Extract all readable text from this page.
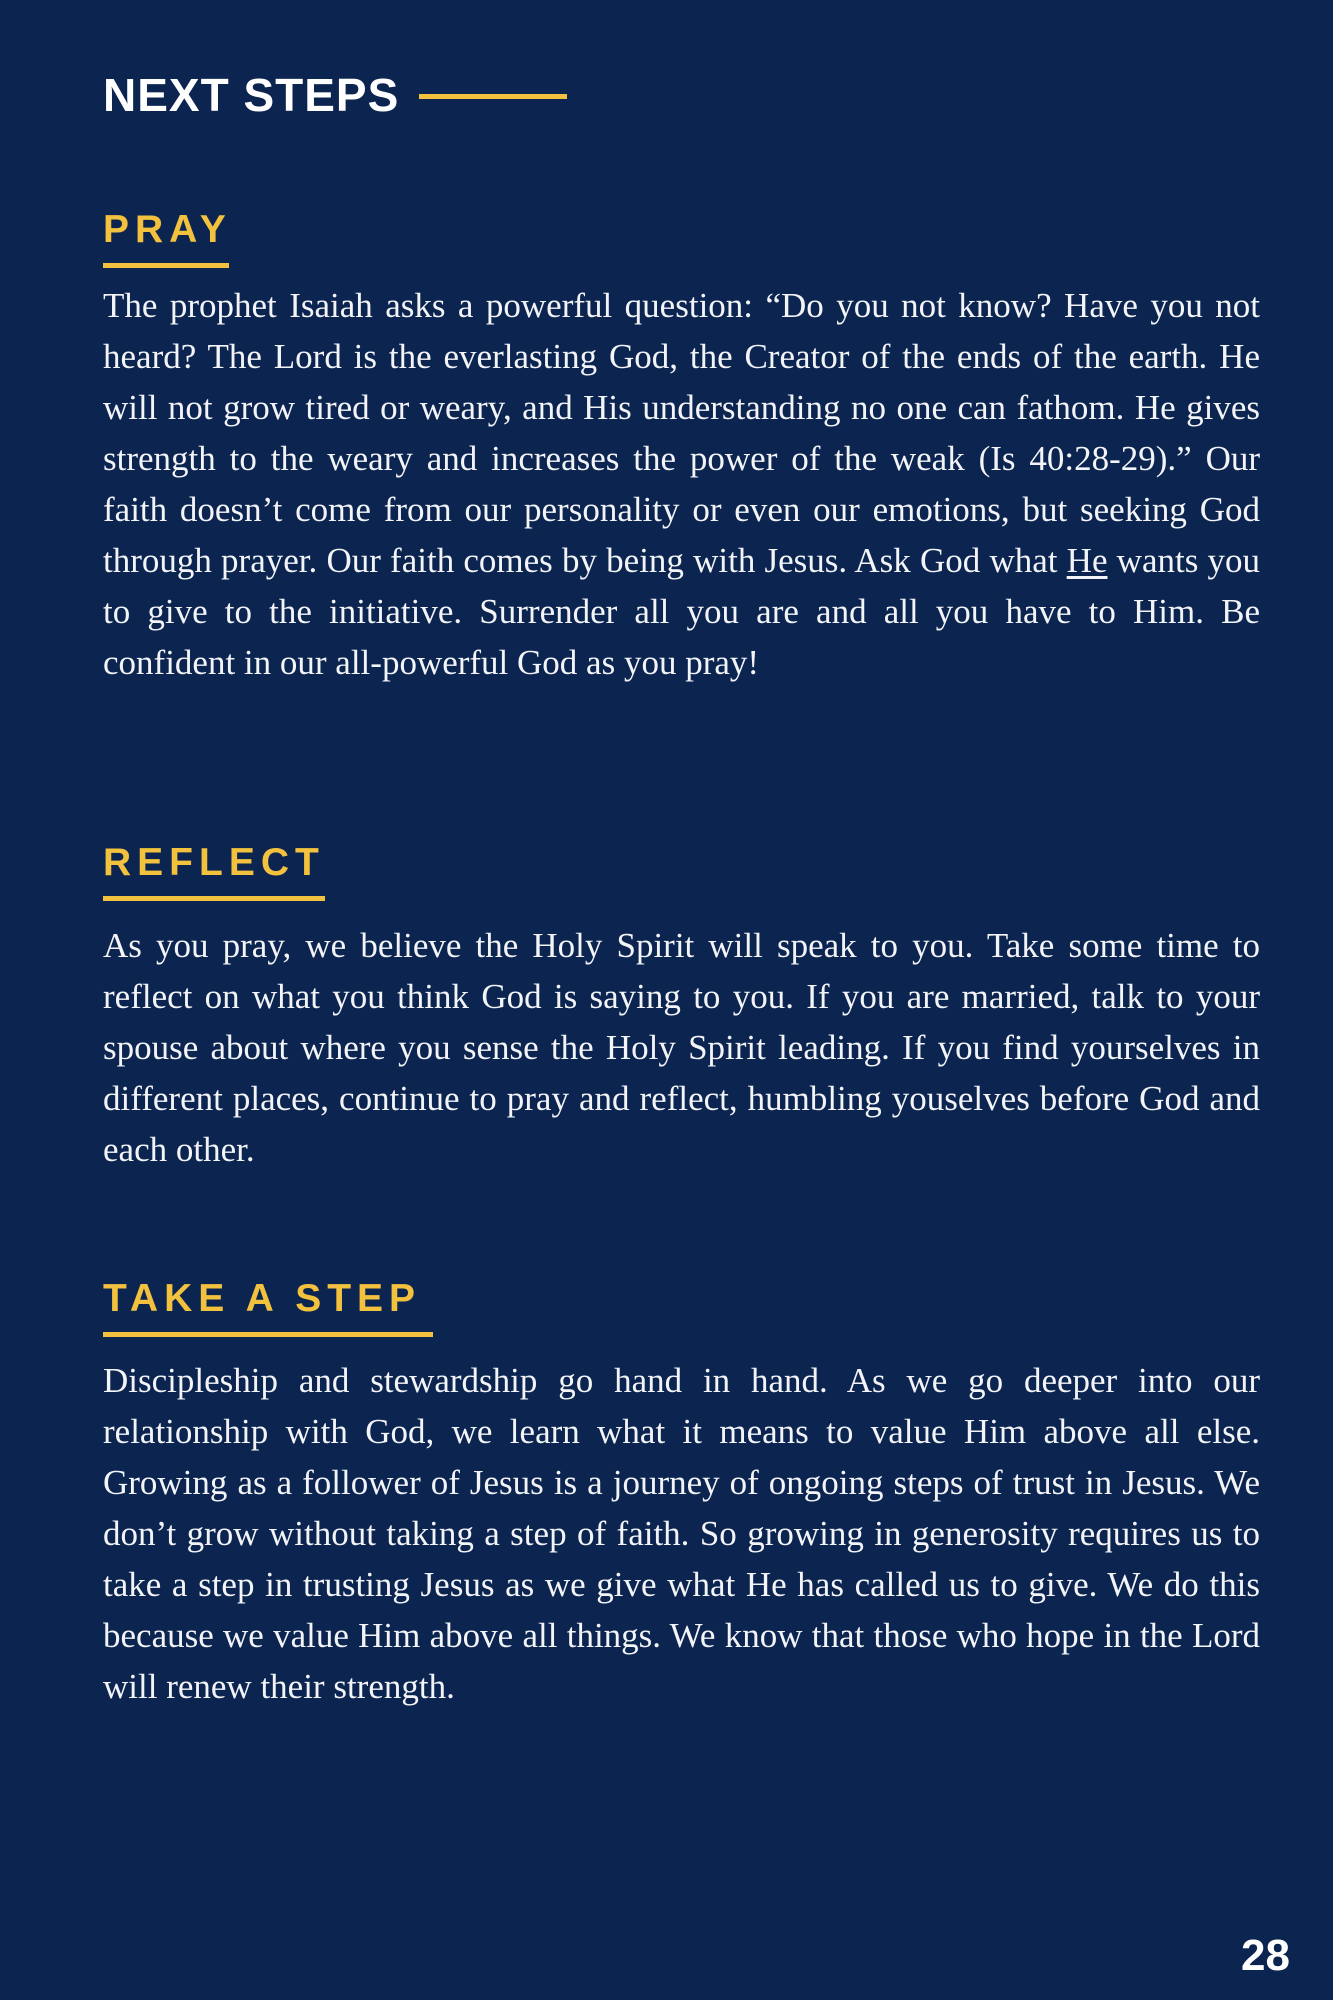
NEXT STEPS
PRAY

The prophet Isaiah asks a powerful question: “Do you not know? Have you not heard? The Lord is the everlasting God, the Creator of the ends of the earth. He will not grow tired or weary, and His understanding no one can fathom. He gives strength to the weary and increases the power of the weak (Is 40:28-29).” Our faith doesn’t come from our personality or even our emotions, but seeking God through prayer. Our faith comes by being with Jesus. Ask God what He wants you to give to the initiative. Surrender all you are and all you have to Him. Be confident in our all-powerful God as you pray!

REFLECT

As you pray, we believe the Holy Spirit will speak to you. Take some time to reflect on what you think God is saying to you. If you are married, talk to your spouse about where you sense the Holy Spirit leading. If you find yourselves in different places, continue to pray and reflect, humbling youselves before God and each other.

TAKE A STEP

Discipleship and stewardship go hand in hand. As we go deeper into our relationship with God, we learn what it means to value Him above all else. Growing as a follower of Jesus is a journey of ongoing steps of trust in Jesus. We don’t grow without taking a step of faith. So growing in generosity requires us to take a step in trusting Jesus as we give what He has called us to give. We do this because we value Him above all things. We know that those who hope in the Lord will renew their strength.

28
